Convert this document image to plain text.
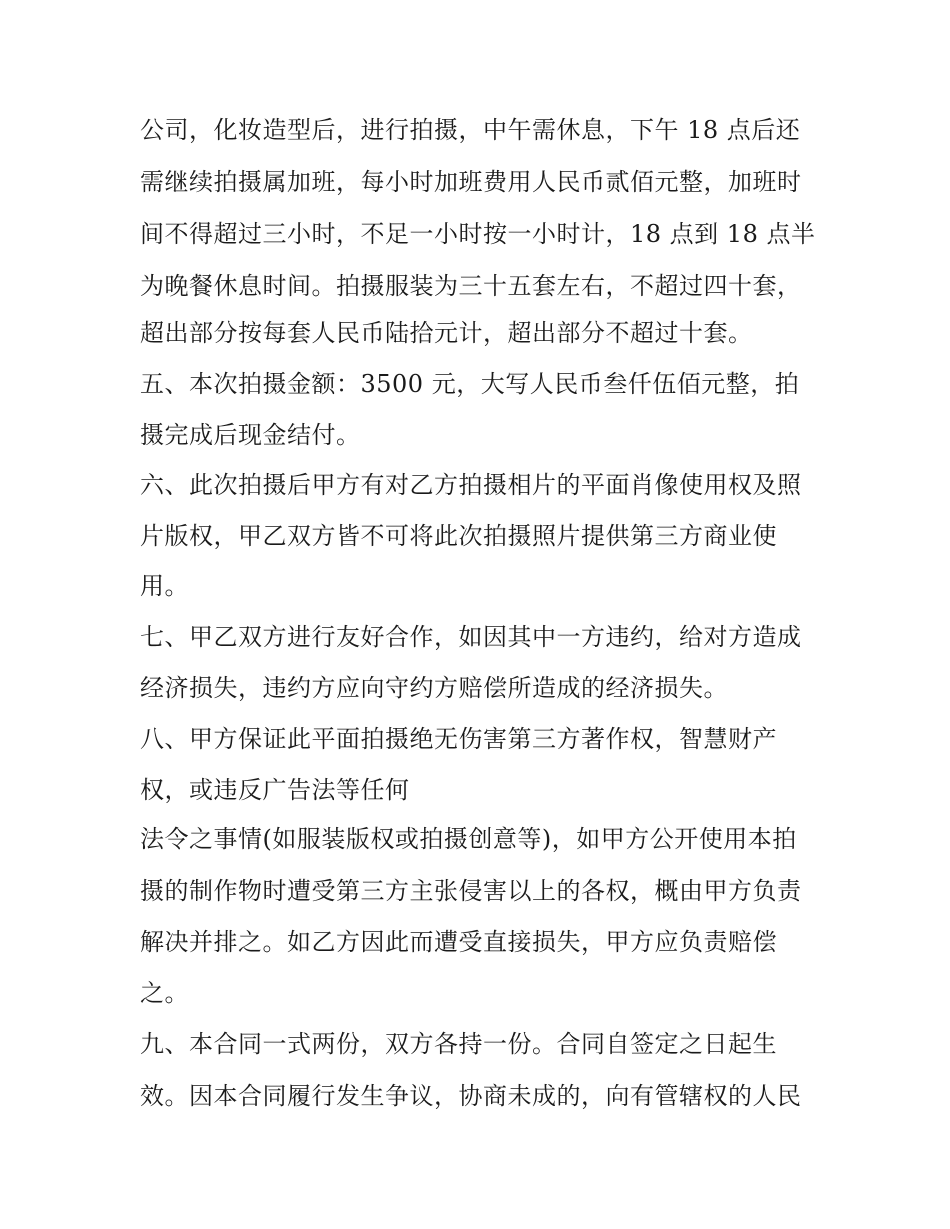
公司，化妆造型后，进行拍摄，中午需休息，下午 18 点后还
需继续拍摄属加班，每小时加班费用人民币贰佰元整，加班时
间不得超过三小时，不足一小时按一小时计，18 点到 18 点半
为晚餐休息时间。拍摄服装为三十五套左右，不超过四十套，
超出部分按每套人民币陆拾元计，超出部分不超过十套。
五、本次拍摄金额：3500 元，大写人民币叁仟伍佰元整，拍
摄完成后现金结付。
六、此次拍摄后甲方有对乙方拍摄相片的平面肖像使用权及照
片版权，甲乙双方皆不可将此次拍摄照片提供第三方商业使
用。
七、甲乙双方进行友好合作，如因其中一方违约，给对方造成
经济损失，违约方应向守约方赔偿所造成的经济损失。
八、甲方保证此平面拍摄绝无伤害第三方著作权，智慧财产
权，或违反广告法等任何
法令之事情(如服装版权或拍摄创意等)，如甲方公开使用本拍
摄的制作物时遭受第三方主张侵害以上的各权，概由甲方负责
解决并排之。如乙方因此而遭受直接损失，甲方应负责赔偿
之。
九、本合同一式两份，双方各持一份。合同自签定之日起生
效。因本合同履行发生争议，协商未成的，向有管辖权的人民
